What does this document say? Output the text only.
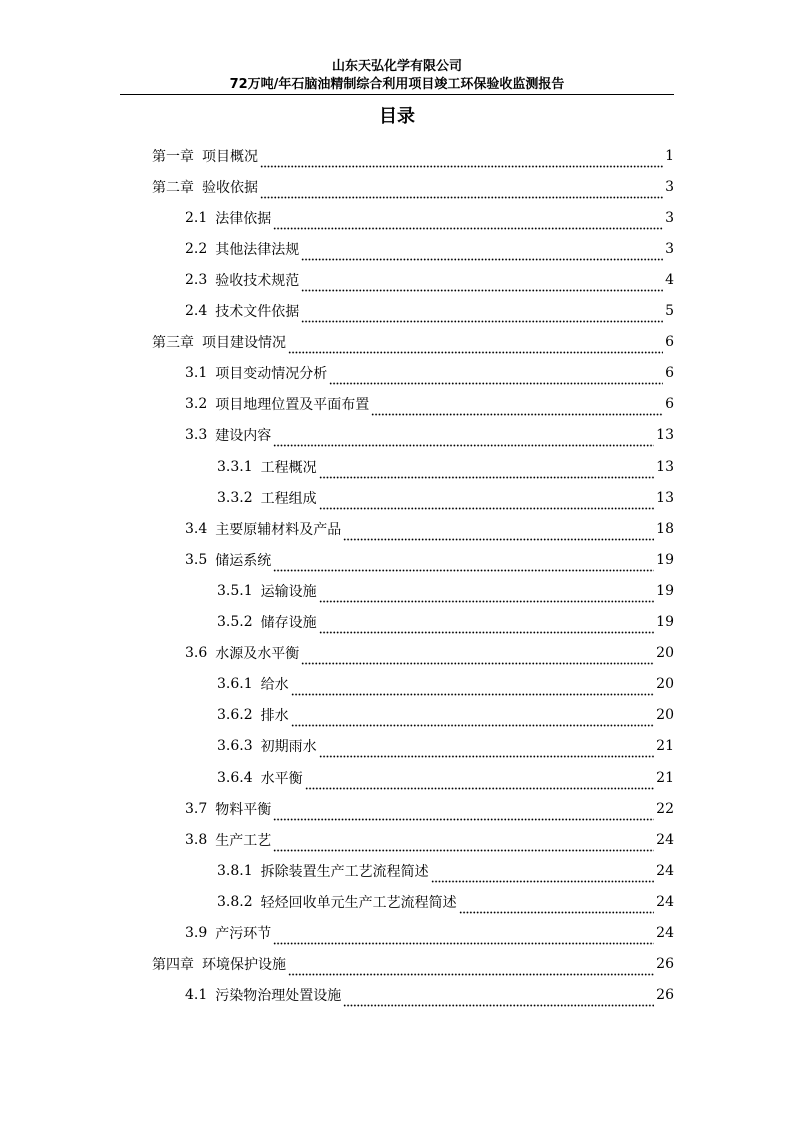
山东天弘化学有限公司
72万吨/年石脑油精制综合利用项目竣工环保验收监测报告
目录
第一章 项目概况	1
第二章 验收依据	3
2.1 法律依据	3
2.2 其他法律法规	3
2.3 验收技术规范	4
2.4 技术文件依据	5
第三章 项目建设情况	6
3.1 项目变动情况分析	6
3.2 项目地理位置及平面布置	6
3.3 建设内容	13
3.3.1 工程概况	13
3.3.2 工程组成	13
3.4 主要原辅材料及产品	18
3.5 储运系统	19
3.5.1 运输设施	19
3.5.2 储存设施	19
3.6 水源及水平衡	20
3.6.1 给水	20
3.6.2 排水	20
3.6.3 初期雨水	21
3.6.4 水平衡	21
3.7 物料平衡	22
3.8 生产工艺	24
3.8.1 拆除装置生产工艺流程简述	24
3.8.2 轻烃回收单元生产工艺流程简述	24
3.9 产污环节	24
第四章 环境保护设施	26
4.1 污染物治理处置设施	26
